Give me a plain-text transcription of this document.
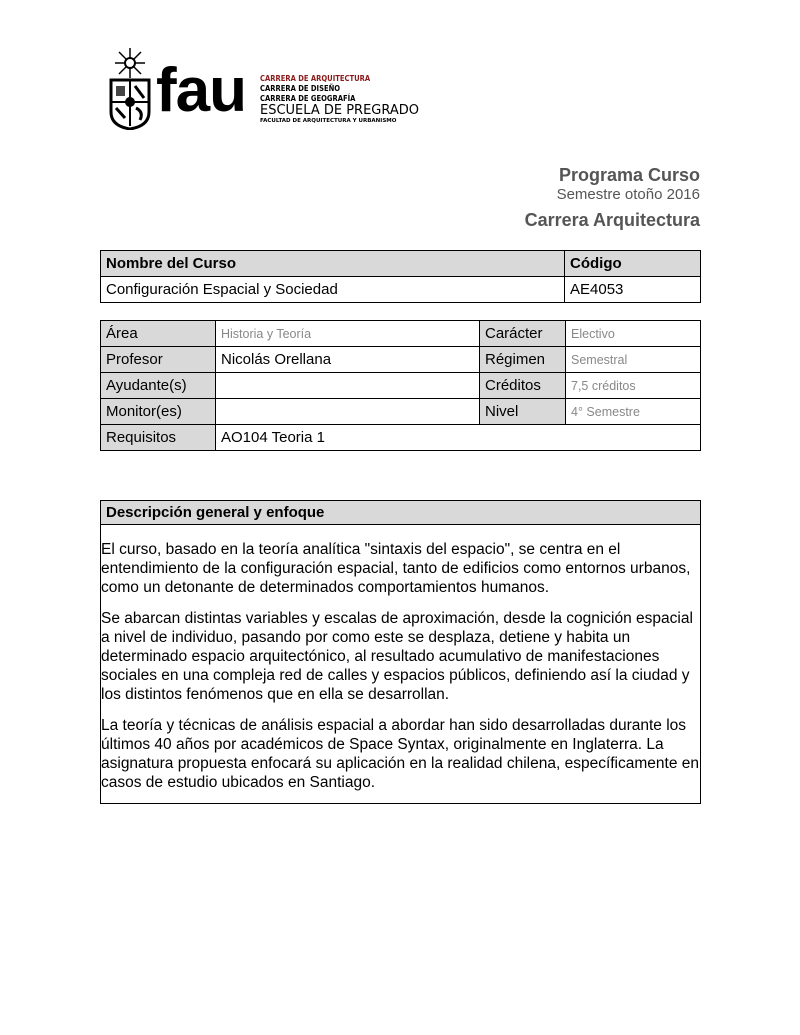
fau CARRERA DE ARQUITECTURA
CARRERA DE DISEÑO
CARRERA DE GEOGRAFÍA
ESCUELA DE PREGRADO
FACULTAD DE ARQUITECTURA Y URBANISMO
Programa Curso
Semestre otoño 2016
Carrera Arquitectura
Nombre del Curso	Código
Configuración Espacial y Sociedad	AE4053
Área	Historia y Teoría	Carácter	Electivo
Profesor	Nicolás Orellana	Régimen	Semestral
Ayudante(s)		Créditos	7,5 créditos
Monitor(es)		Nivel	4° Semestre
Requisitos	AO104 Teoria 1		
Descripción general y enfoque

El curso, basado en la teoría analítica "sintaxis del espacio", se centra en el entendimiento de la configuración espacial, tanto de edificios como entornos urbanos, como un detonante de determinados comportamientos humanos.

Se abarcan distintas variables y escalas de aproximación, desde la cognición espacial a nivel de individuo, pasando por como este se desplaza, detiene y habita un determinado espacio arquitectónico, al resultado acumulativo de manifestaciones sociales en una compleja red de calles y espacios públicos, definiendo así la ciudad y los distintos fenómenos que en ella se desarrollan.

La teoría y técnicas de análisis espacial a abordar han sido desarrolladas durante los últimos 40 años por académicos de Space Syntax, originalmente en Inglaterra. La asignatura propuesta enfocará su aplicación en la realidad chilena, específicamente en casos de estudio ubicados en Santiago.
